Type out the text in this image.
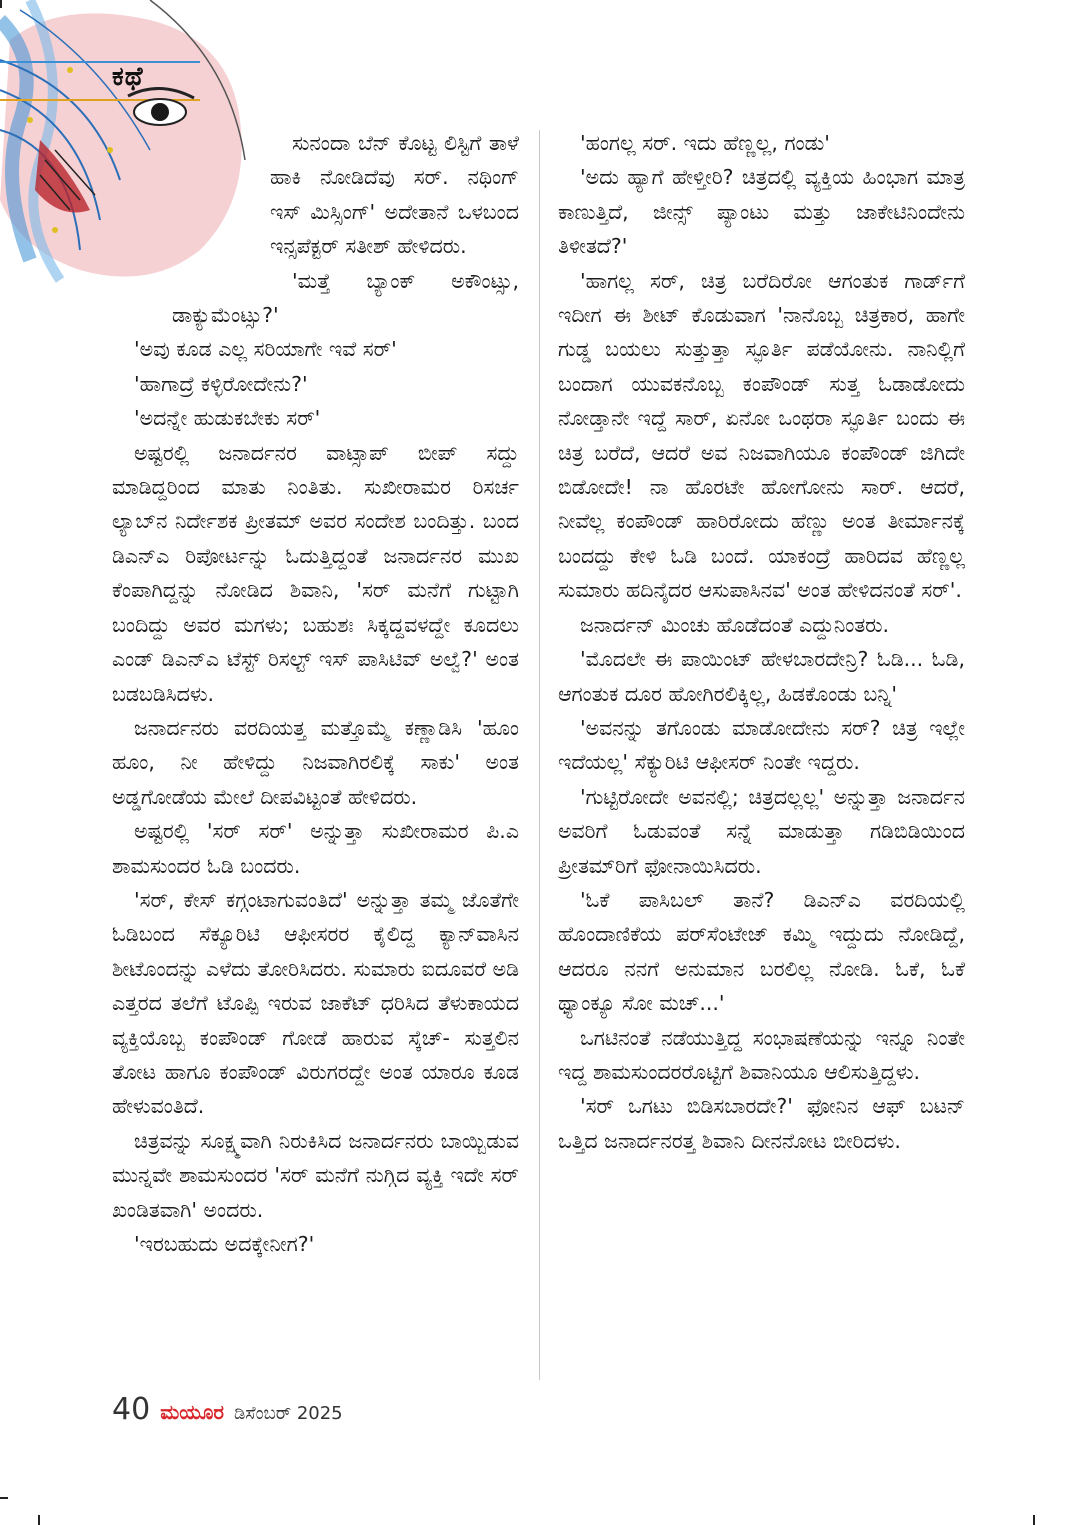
ಕಥೆ

ಸುನಂದಾ ಬೆನ್ ಕೊಟ್ಟ ಲಿಸ್ಟಿಗೆ ತಾಳೆ ಹಾಕಿ ನೋಡಿದೆವು ಸರ್. ನಥಿಂಗ್ ಇಸ್ ಮಿಸ್ಸಿಂಗ್' ಅದೇತಾನೆ ಒಳಬಂದ ಇನ್ಸಪೆಕ್ಟರ್ ಸತೀಶ್ ಹೇಳಿದರು.

'ಮತ್ತೆ ಬ್ಯಾಂಕ್ ಅಕೌಂಟ್ಸು, ಡಾಕ್ಯುಮೆಂಟ್ಸು?'

'ಅವು ಕೂಡ ಎಲ್ಲ ಸರಿಯಾಗೇ ಇವೆ ಸರ್'

'ಹಾಗಾದ್ರೆ ಕಳ್ಳಿರೋದೇನು?'

'ಅದನ್ನೇ ಹುಡುಕಬೇಕು ಸರ್'

ಅಷ್ಟರಲ್ಲಿ ಜನಾರ್ದನರ ವಾಟ್ಸಾಪ್ ಬೀಪ್ ಸದ್ದು ಮಾಡಿದ್ದರಿಂದ ಮಾತು ನಿಂತಿತು. ಸುಖೀರಾಮರ ರಿಸರ್ಚ ಲ್ಯಾಬ್‌ನ ನಿರ್ದೇಶಕ ಪ್ರೀತಮ್ ಅವರ ಸಂದೇಶ ಬಂದಿತ್ತು. ಬಂದ ಡಿಎನ್‌ಎ ರಿಪೋರ್ಟನ್ನು ಓದುತ್ತಿದ್ದಂತೆ ಜನಾರ್ದನರ ಮುಖ ಕೆಂಪಾಗಿದ್ದನ್ನು ನೋಡಿದ ಶಿವಾನಿ, 'ಸರ್ ಮನೆಗೆ ಗುಟ್ಟಾಗಿ ಬಂದಿದ್ದು ಅವರ ಮಗಳು; ಬಹುಶಃ ಸಿಕ್ಕದ್ದವಳದ್ದೇ ಕೂದಲು ಎಂಡ್ ಡಿಎನ್‌ಎ ಟೆಸ್ಟ್ ರಿಸಲ್ಟ್ ಇಸ್ ಪಾಸಿಟಿವ್ ಅಲ್ವೆ?' ಅಂತ ಬಡಬಡಿಸಿದಳು.

ಜನಾರ್ದನರು ವರದಿಯತ್ತ ಮತ್ತೊಮ್ಮೆ ಕಣ್ಣಾಡಿಸಿ 'ಹೂಂ ಹೂಂ, ನೀ ಹೇಳಿದ್ದು ನಿಜವಾಗಿರಲಿಕ್ಕೆ ಸಾಕು' ಅಂತ ಅಡ್ಡಗೋಡೆಯ ಮೇಲೆ ದೀಪವಿಟ್ಟಂತೆ ಹೇಳಿದರು.

ಅಷ್ಟರಲ್ಲಿ 'ಸರ್ ಸರ್' ಅನ್ನುತ್ತಾ ಸುಖೀರಾಮರ ಪಿ.ಎ ಶಾಮಸುಂದರ ಓಡಿ ಬಂದರು.

'ಸರ್, ಕೇಸ್ ಕಗ್ಗಂಟಾಗುವಂತಿದೆ' ಅನ್ನುತ್ತಾ ತಮ್ಮ ಜೊತೆಗೇ ಓಡಿಬಂದ ಸೆಕ್ಯೂರಿಟಿ ಆಫೀಸರರ ಕೈಲಿದ್ದ ಕ್ಯಾನ್‌ವಾಸಿನ ಶೀಟೊಂದನ್ನು ಎಳೆದು ತೋರಿಸಿದರು. ಸುಮಾರು ಐದೂವರೆ ಅಡಿ ಎತ್ತರದ ತಲೆಗೆ ಟೊಪ್ಪಿ ಇರುವ ಜಾಕೆಟ್ ಧರಿಸಿದ ತೆಳುಕಾಯದ ವ್ಯಕ್ತಿಯೊಬ್ಬ ಕಂಪೌಂಡ್ ಗೋಡೆ ಹಾರುವ ಸ್ಕೆಚ್- ಸುತ್ತಲಿನ ತೋಟ ಹಾಗೂ ಕಂಪೌಂಡ್ ವಿರುಗರದ್ದೇ ಅಂತ ಯಾರೂ ಕೂಡ ಹೇಳುವಂತಿದೆ.

ಚಿತ್ರವನ್ನು ಸೂಕ್ಷ್ಮವಾಗಿ ನಿರುಕಿಸಿದ ಜನಾರ್ದನರು ಬಾಯ್ಬಿಡುವ ಮುನ್ನವೇ ಶಾಮಸುಂದರ 'ಸರ್ ಮನೆಗೆ ನುಗ್ಗಿದ ವ್ಯಕ್ತಿ ಇದೇ ಸರ್ ಖಂಡಿತವಾಗಿ' ಅಂದರು.

'ಇರಬಹುದು ಅದಕ್ಕೇನೀಗ?'

'ಹಂಗಲ್ಲ ಸರ್. ಇದು ಹೆಣ್ಣಲ್ಲ, ಗಂಡು'

'ಅದು ಹ್ಯಾಗೆ ಹೇಳ್ತೀರಿ? ಚಿತ್ರದಲ್ಲಿ ವ್ಯಕ್ತಿಯ ಹಿಂಭಾಗ ಮಾತ್ರ ಕಾಣುತ್ತಿದೆ, ಜೀನ್ಸ್ ಪ್ಯಾಂಟು ಮತ್ತು ಜಾಕೇಟಿನಿಂದೇನು ತಿಳೀತದೆ?'

'ಹಾಗಲ್ಲ ಸರ್, ಚಿತ್ರ ಬರೆದಿರೋ ಆಗಂತುಕ ಗಾರ್ಡ್‌ಗೆ ಇದೀಗ ಈ ಶೀಟ್ ಕೊಡುವಾಗ 'ನಾನೊಬ್ಬ ಚಿತ್ರಕಾರ, ಹಾಗೇ ಗುಡ್ಡ ಬಯಲು ಸುತ್ತುತ್ತಾ ಸ್ಫೂರ್ತಿ ಪಡೆಯೋನು. ನಾನಿಲ್ಲಿಗೆ ಬಂದಾಗ ಯುವಕನೊಬ್ಬ ಕಂಪೌಂಡ್ ಸುತ್ತ ಓಡಾಡೋದು ನೋಡ್ತಾನೇ ಇದ್ದೆ ಸಾರ್, ಏನೋ ಒಂಥರಾ ಸ್ಫೂರ್ತಿ ಬಂದು ಈ ಚಿತ್ರ ಬರೆದೆ, ಆದರೆ ಅವ ನಿಜವಾಗಿಯೂ ಕಂಪೌಂಡ್ ಜಿಗಿದೇ ಬಿಡೋದೇ! ನಾ ಹೊರಟೇ ಹೋಗೋನು ಸಾರ್. ಆದರೆ, ನೀವೆಲ್ಲ ಕಂಪೌಂಡ್ ಹಾರಿರೋದು ಹೆಣ್ಣು ಅಂತ ತೀರ್ಮಾನಕ್ಕೆ ಬಂದದ್ದು ಕೇಳಿ ಓಡಿ ಬಂದೆ. ಯಾಕಂದ್ರೆ ಹಾರಿದವ ಹೆಣ್ಣಲ್ಲ ಸುಮಾರು ಹದಿನೈದರ ಆಸುಪಾಸಿನವ' ಅಂತ ಹೇಳಿದನಂತೆ ಸರ್'.

ಜನಾರ್ದನ್ ಮಿಂಚು ಹೊಡೆದಂತೆ ಎದ್ದುನಿಂತರು.

'ಮೊದಲೇ ಈ ಪಾಯಿಂಟ್ ಹೇಳಬಾರದೇನ್ರಿ? ಓಡಿ... ಓಡಿ, ಆಗಂತುಕ ದೂರ ಹೋಗಿರಲಿಕ್ಕಿಲ್ಲ, ಹಿಡಕೊಂಡು ಬನ್ನಿ'

'ಅವನನ್ನು ತಗೊಂಡು ಮಾಡೋದೇನು ಸರ್? ಚಿತ್ರ ಇಲ್ಲೇ ಇದೆಯಲ್ಲ' ಸೆಕ್ಯುರಿಟಿ ಆಫೀಸರ್ ನಿಂತೇ ಇದ್ದರು.

'ಗುಟ್ಟಿರೋದೇ ಅವನಲ್ಲಿ; ಚಿತ್ರದಲ್ಲಲ್ಲ' ಅನ್ನುತ್ತಾ ಜನಾರ್ದನ ಅವರಿಗೆ ಓಡುವಂತೆ ಸನ್ನೆ ಮಾಡುತ್ತಾ ಗಡಿಬಿಡಿಯಿಂದ ಪ್ರೀತಮ್‌ರಿಗೆ ಫೋನಾಯಿಸಿದರು.

'ಓಕೆ ಪಾಸಿಬಲ್ ತಾನೆ? ಡಿಎನ್‌ಎ ವರದಿಯಲ್ಲಿ ಹೊಂದಾಣಿಕೆಯ ಪರ್‌ಸೆಂಟೇಜ್ ಕಮ್ಮಿ ಇದ್ದುದು ನೋಡಿದ್ದೆ, ಆದರೂ ನನಗೆ ಅನುಮಾನ ಬರಲಿಲ್ಲ ನೋಡಿ. ಓಕೆ, ಓಕೆ ಥ್ಯಾಂಕ್ಯೂ ಸೋ ಮಚ್...'

ಒಗಟಿನಂತೆ ನಡೆಯುತ್ತಿದ್ದ ಸಂಭಾಷಣೆಯನ್ನು ಇನ್ನೂ ನಿಂತೇ ಇದ್ದ ಶಾಮಸುಂದರರೊಟ್ಟಿಗೆ ಶಿವಾನಿಯೂ ಆಲಿಸುತ್ತಿದ್ದಳು.

'ಸರ್ ಒಗಟು ಬಿಡಿಸಬಾರದೇ?' ಫೋನಿನ ಆಫ್ ಬಟನ್ ಒತ್ತಿದ ಜನಾರ್ದನರತ್ತ ಶಿವಾನಿ ದೀನನೋಟ ಬೀರಿದಳು.

40 ಮಯೂರ ಡಿಸೆಂಬರ್ 2025
